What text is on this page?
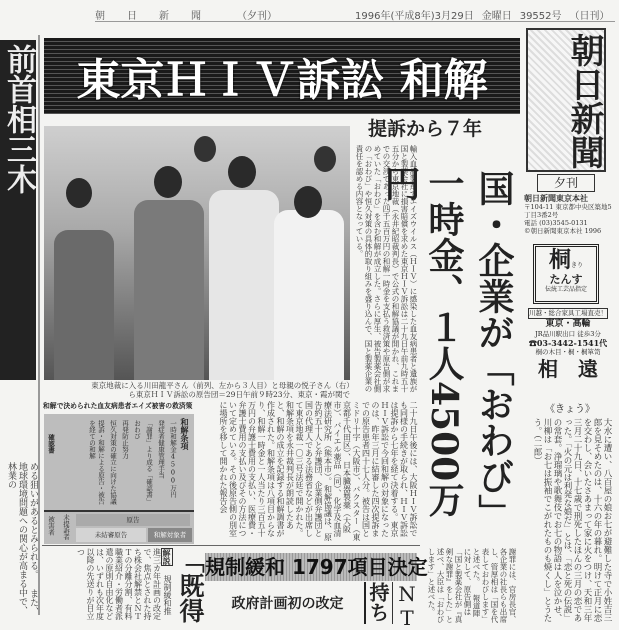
朝日新聞 （夕刊）	1996年(平成8年)3月29日 金曜日 39552号 （日刊）
前首相三木
める狙いがあるとみられる。 また、地球環境問題への関心が高まる中で、林業の
東京ＨＩＶ訴訟 和解	朝日新聞
夕刊
朝日新聞東京本社
〒104-11 東京都中央区築地5丁目3番2号
電話 (03)3545-0131
©朝日新聞東京本社 1996
桐きり
たんす
伝統工芸品指定
川越・総合家具工場直売！
東京・高輪
JR品川駅出口 徒歩3分
☎03-3442-1541代
桐の木目・桐・桐箪笥
相 遠
《きょう》
大水に遭い、八百屋の娘お七が避難した寺で小姓吉三郎を見そめたのは、十六の年の暮れ。明けて正月に恋を交わし、会いたさあまって家に火をつけ、天和三年三月二十九日、十七歳で刑死したほんの三月の恋であった。「火の元は利発な娘だ」とは、「恋と死の伝説」の常套。浄瑠璃や歌舞伎でお七の物語は人を泣かせ、川柳は「お七は振袖でこがれたものも焼くし」とうたう。（二郎）
東京地裁に入る川田龍平さん（前列、左から３人目）と母親の悦子さん（右）ら東京ＨＩＶ訴訟の原告団＝29日午前９時23分、東京・霞が関で
提訴から７年
輸入血液製剤でエイズウイルス（ＨＩＶ）に感染した血友病患者と遺族が国と製薬会社に損害賠償を求めた東京ＨＩＶ訴訟は二十九日午前九時五十五分から東京地裁（永井紀昭裁判長）で公式の和解協議が開かれ、これまでの交渉であった四千五百万円の和解一時金を支払う救済策や原告側が求めていた「おわび」を含む和解が成立した。さらに厚生、被告製薬会社側の「おわび」や恒久対策の具体的取り組みを盛り込んで、国と製薬企業の責任を認める内容となっている。	国・企業が「おわび」
一時金、１人4500万円
和解で決められた血友病患者エイズ被害の救済策
和解条項
一時和解金4500万円
発症者健康管理手当
「謝罪」より成る「確認書」
おわび
再発防止努力
恒久対策の確立に向けた協議
提訴・和解による原告・被告を経ての和解
確認書
原告
被害者 未提訴者	未結審原告	和解対象者	二十九日午後には、大阪ＨＩＶ訴訟でも同様の手続きが取られ、ＨＩＶ訴訟は提訴から七年を経て決着する。東京ＨＩＶ訴訟で今回和解の対象になったのは、昨年三月に結審した四次提訴までの原告患者四十七人分。被告は国とミドリ十字（大阪市）、バクスター（東京都千代田区）、日本臓器製薬（大阪市）、バイエル薬品（同）、化学及血清療法研究所（熊本市）。和解協議は、原告約五十人と弁護団、企業側弁護団と国の代理人である法務省などが出席して東京地裁一〇三号法廷で開かれた。和解条項を永井裁判長が朗読したあと、和解の成立を記録する和解調書が作成された。和解条項は八項目からなり、和解一時金と一人当たり三百五十万円の弁護士費用の支払い、医療費・弁護士費用の支払い及びその方法について定めている。その後原告側の別室に場所を移して開かれた報告会
解説 規制緩和推進三カ年計画の改定で、焦点とされた持ち株会社解禁とＮＴＴの分離分割、有料職業紹介・労働者派遣の原則自由化などは、いずれも次年度以降の先送りが目立つ	「既得 規制緩和 1797項目決定
政府計画初の改定	持ち NT	謝罪には、官房長官、各企業の社長らも出席し、管厚相は「国を代表しておわびします」と述べた。 報道陣に対して、原告側は「国と製薬会社が『真剣な謝罪』をした」と述べ、大臣は「おわびします」と述べた。
